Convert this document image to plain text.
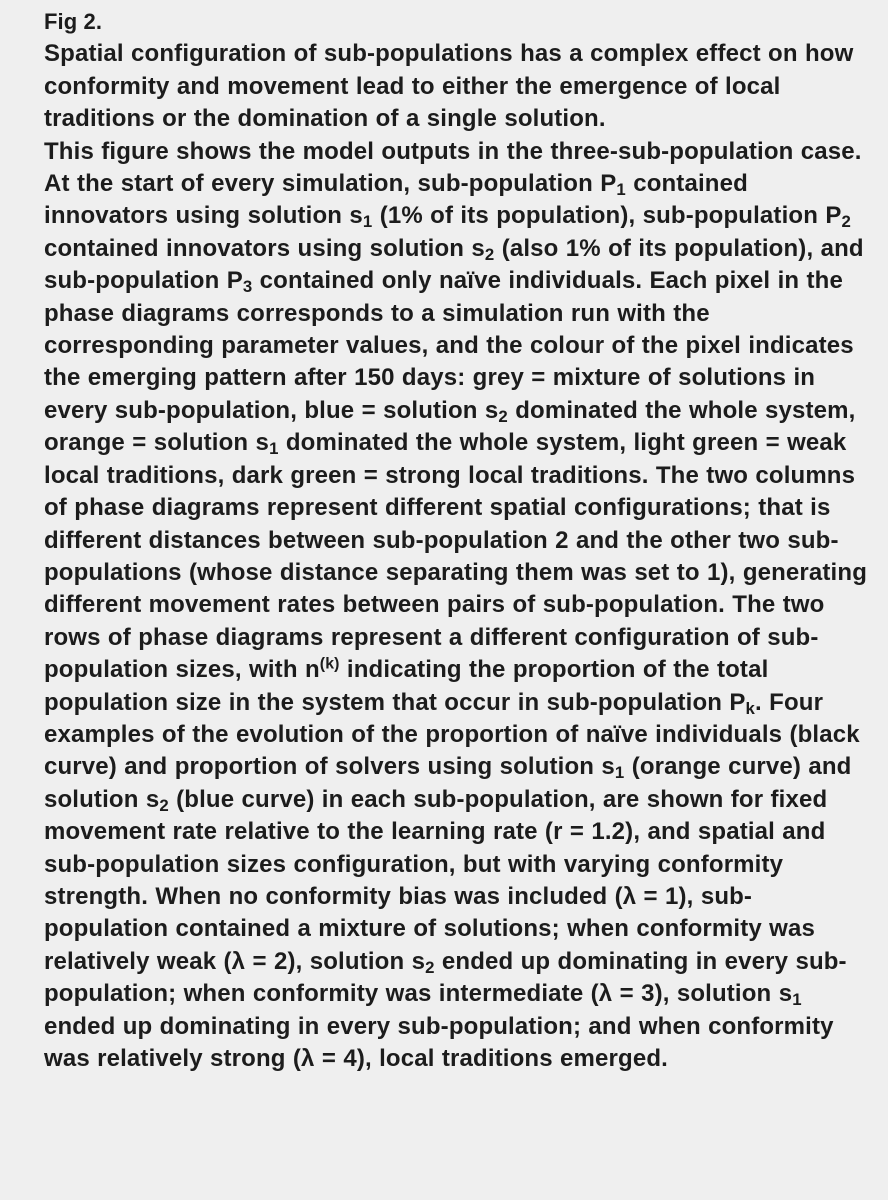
Fig 2.

Spatial configuration of sub-populations has a complex effect on how conformity and movement lead to either the emergence of local traditions or the domination of a single solution.

This figure shows the model outputs in the three-sub-population case. At the start of every simulation, sub-population $P_1$ contained innovators using solution $s_1$ (1% of its population), sub-population $P_2$ contained innovators using solution $s_2$ (also 1% of its population), and sub-population $P_3$ contained only naïve individuals. Each pixel in the phase diagrams corresponds to a simulation run with the corresponding parameter values, and the colour of the pixel indicates the emerging pattern after 150 days: grey = mixture of solutions in every sub-population, blue = solution $s_2$ dominated the whole system, orange = solution $s_1$ dominated the whole system, light green = weak local traditions, dark green = strong local traditions. The two columns of phase diagrams represent different spatial configurations; that is different distances between sub-population 2 and the other two sub-populations (whose distance separating them was set to 1), generating different movement rates between pairs of sub-population. The two rows of phase diagrams represent a different configuration of sub-population sizes, with $n^{(k)}$ indicating the proportion of the total population size in the system that occur in sub-population $P_k$. Four examples of the evolution of the proportion of naïve individuals (black curve) and proportion of solvers using solution $s_1$ (orange curve) and solution $s_2$ (blue curve) in each sub-population, are shown for fixed movement rate relative to the learning rate (r = 1.2), and spatial and sub-population sizes configuration, but with varying conformity strength. When no conformity bias was included (λ = 1), sub-population contained a mixture of solutions; when conformity was relatively weak (λ = 2), solution $s_2$ ended up dominating in every sub-population; when conformity was intermediate (λ = 3), solution $s_1$ ended up dominating in every sub-population; and when conformity was relatively strong (λ = 4), local traditions emerged.
